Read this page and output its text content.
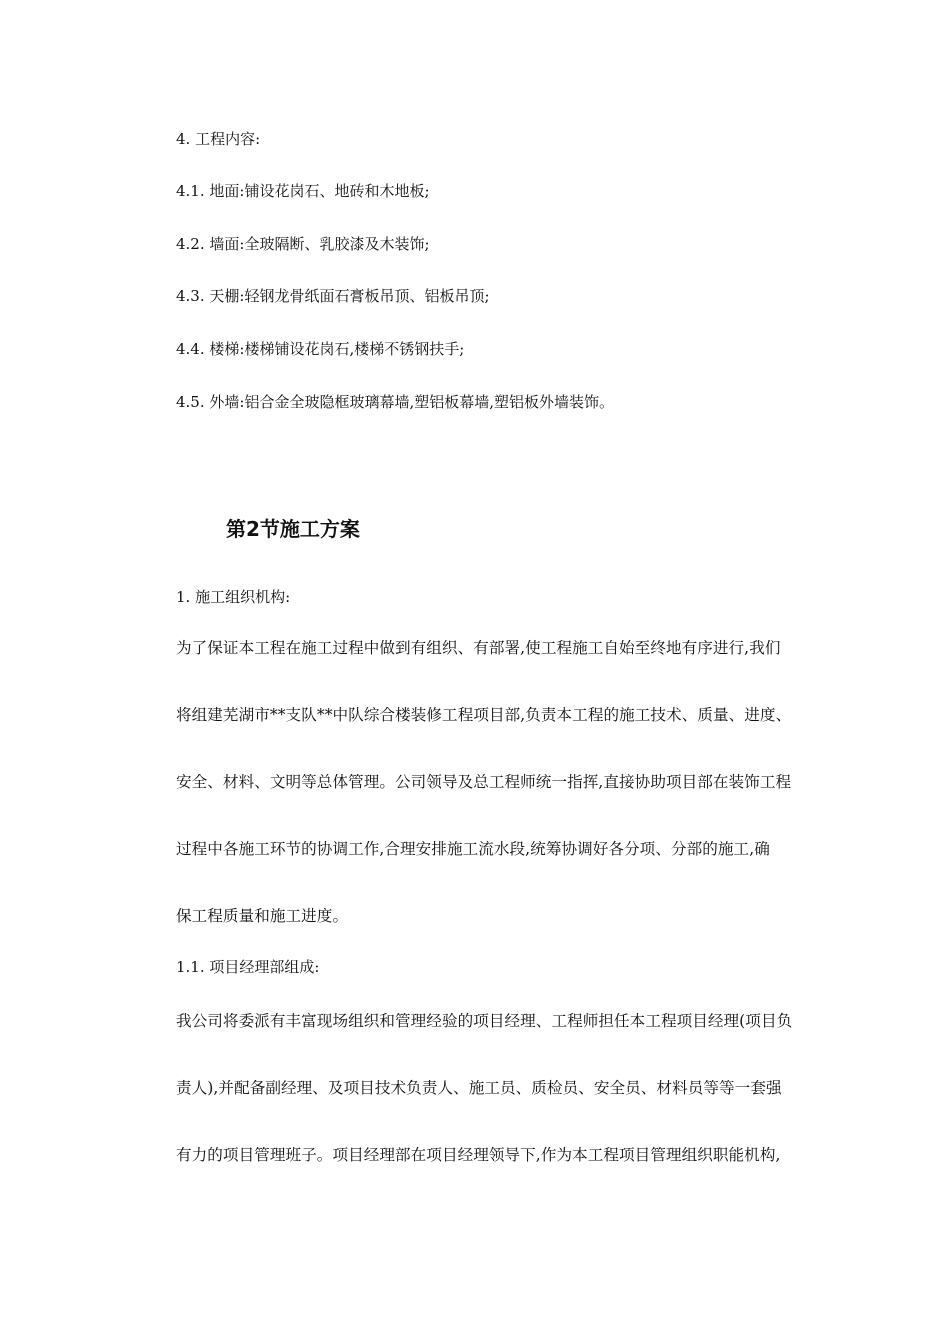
4. 工程内容:
4.1. 地面:铺设花岗石、地砖和木地板;
4.2. 墙面:全玻隔断、乳胶漆及木装饰;
4.3. 天棚:轻钢龙骨纸面石膏板吊顶、铝板吊顶;
4.4. 楼梯:楼梯铺设花岗石,楼梯不锈钢扶手;
4.5. 外墙:铝合金全玻隐框玻璃幕墙,塑铝板幕墙,塑铝板外墙装饰。
第2节施工方案
1. 施工组织机构:
为了保证本工程在施工过程中做到有组织、有部署,使工程施工自始至终地有序进行,我们
将组建芜湖市**支队**中队综合楼装修工程项目部,负责本工程的施工技术、质量、进度、
安全、材料、文明等总体管理。公司领导及总工程师统一指挥,直接协助项目部在装饰工程
过程中各施工环节的协调工作,合理安排施工流水段,统筹协调好各分项、分部的施工,确
保工程质量和施工进度。
1.1. 项目经理部组成:
我公司将委派有丰富现场组织和管理经验的项目经理、工程师担任本工程项目经理(项目负
责人),并配备副经理、及项目技术负责人、施工员、质检员、安全员、材料员等等一套强
有力的项目管理班子。项目经理部在项目经理领导下,作为本工程项目管理组织职能机构,
